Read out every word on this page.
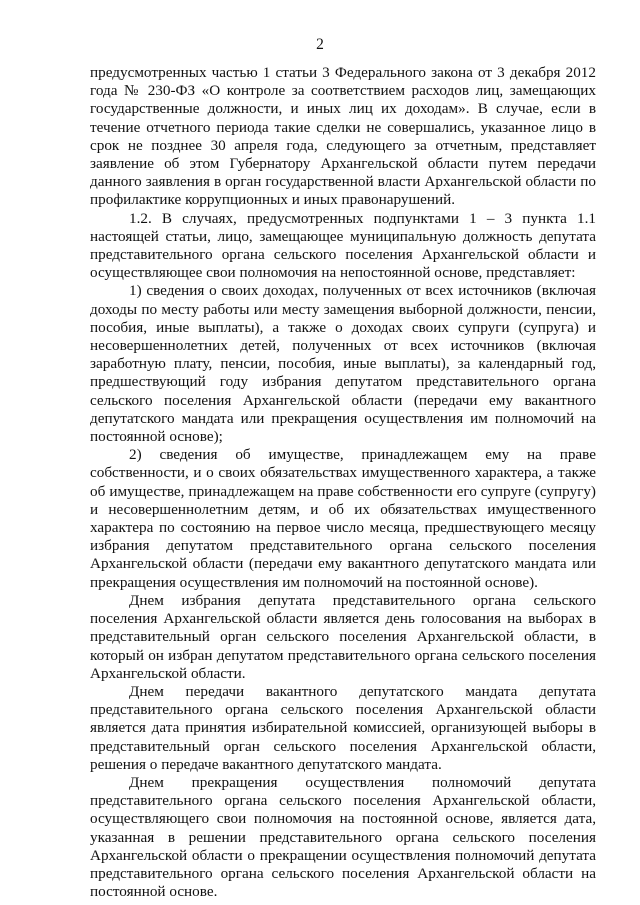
2

предусмотренных частью 1 статьи 3 Федерального закона от 3 декабря 2012 года № 230-ФЗ «О контроле за соответствием расходов лиц, замещающих государственные должности, и иных лиц их доходам». В случае, если в течение отчетного периода такие сделки не совершались, указанное лицо в срок не позднее 30 апреля года, следующего за отчетным, представляет заявление об этом Губернатору Архангельской области путем передачи данного заявления в орган государственной власти Архангельской области по профилактике коррупционных и иных правонарушений.

1.2. В случаях, предусмотренных подпунктами 1 – 3 пункта 1.1 настоящей статьи, лицо, замещающее муниципальную должность депутата представительного органа сельского поселения Архангельской области и осуществляющее свои полномочия на непостоянной основе, представляет:

1) сведения о своих доходах, полученных от всех источников (включая доходы по месту работы или месту замещения выборной должности, пенсии, пособия, иные выплаты), а также о доходах своих супруги (супруга) и несовершеннолетних детей, полученных от всех источников (включая заработную плату, пенсии, пособия, иные выплаты), за календарный год, предшествующий году избрания депутатом представительного органа сельского поселения Архангельской области (передачи ему вакантного депутатского мандата или прекращения осуществления им полномочий на постоянной основе);

2) сведения об имуществе, принадлежащем ему на праве собственности, и о своих обязательствах имущественного характера, а также об имуществе, принадлежащем на праве собственности его супруге (супругу) и несовершеннолетним детям, и об их обязательствах имущественного характера по состоянию на первое число месяца, предшествующего месяцу избрания депутатом представительного органа сельского поселения Архангельской области (передачи ему вакантного депутатского мандата или прекращения осуществления им полномочий на постоянной основе).

Днем избрания депутата представительного органа сельского поселения Архангельской области является день голосования на выборах в представительный орган сельского поселения Архангельской области, в который он избран депутатом представительного органа сельского поселения Архангельской области.

Днем передачи вакантного депутатского мандата депутата представительного органа сельского поселения Архангельской области является дата принятия избирательной комиссией, организующей выборы в представительный орган сельского поселения Архангельской области, решения о передаче вакантного депутатского мандата.

Днем прекращения осуществления полномочий депутата представительного органа сельского поселения Архангельской области, осуществляющего свои полномочия на постоянной основе, является дата, указанная в решении представительного органа сельского поселения Архангельской области о прекращении осуществления полномочий депутата представительного органа сельского поселения Архангельской области на постоянной основе.
